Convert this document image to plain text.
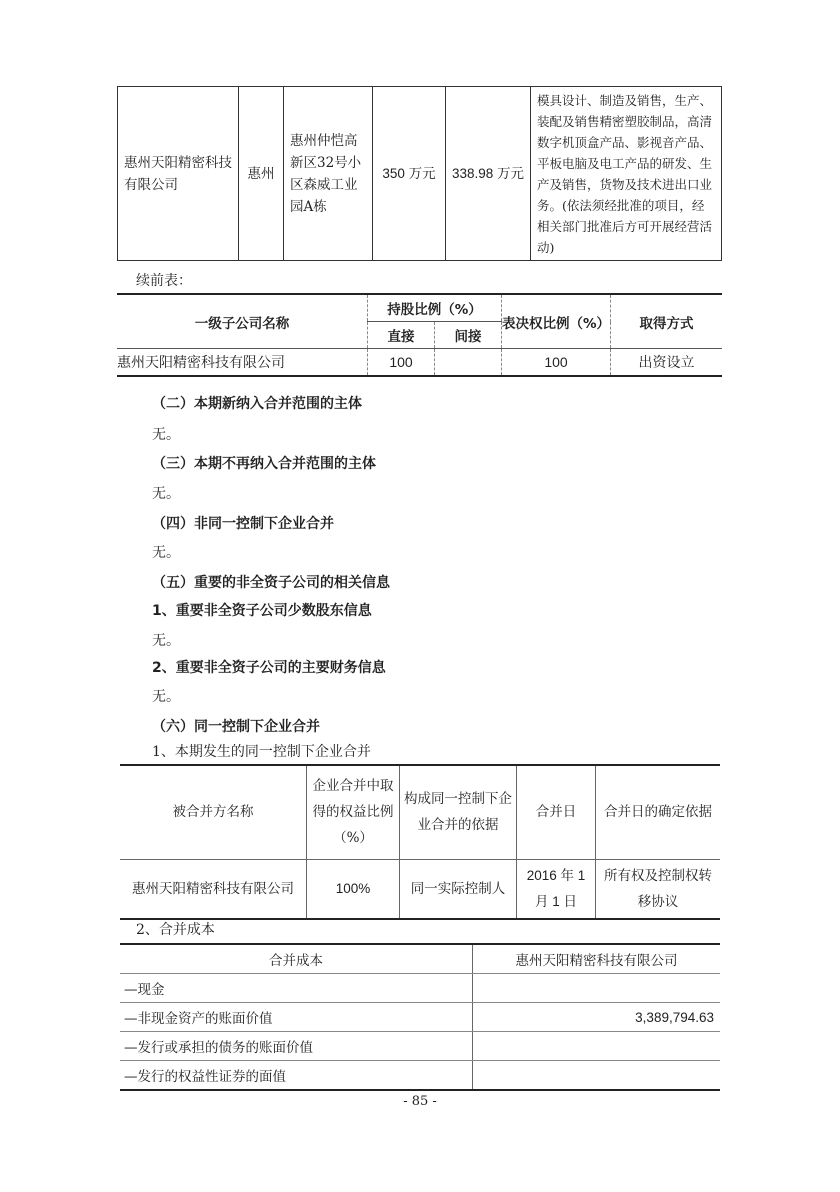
惠州天阳精密科技有限公司	惠州	惠州仲恺高新区32号小区森威工业园A栋	350 万元	338.98 万元	模具设计、制造及销售，生产、装配及销售精密塑胶制品，高清数字机顶盒产品、影视音产品、平板电脑及电工产品的研发、生产及销售，货物及技术进出口业务。(依法须经批准的项目，经相关部门批准后方可开展经营活动)
续前表：
一级子公司名称	持股比例（%）		表决权比例（%）	取得方式
	直接	间接		
惠州天阳精密科技有限公司	100		100	出资设立
（二）本期新纳入合并范围的主体
无。
（三）本期不再纳入合并范围的主体
无。
（四）非同一控制下企业合并
无。
（五）重要的非全资子公司的相关信息
1、重要非全资子公司少数股东信息
无。
2、重要非全资子公司的主要财务信息
无。
（六）同一控制下企业合并
1、本期发生的同一控制下企业合并
被合并方名称	企业合并中取得的权益比例（%）	构成同一控制下企业合并的依据	合并日	合并日的确定依据
惠州天阳精密科技有限公司	100%	同一实际控制人	2016 年 1 月 1 日	所有权及控制权转移协议
2、合并成本
合并成本	惠州天阳精密科技有限公司
—现金	
—非现金资产的账面价值	3,389,794.63
—发行或承担的债务的账面价值	
—发行的权益性证券的面值	
- 85 -
